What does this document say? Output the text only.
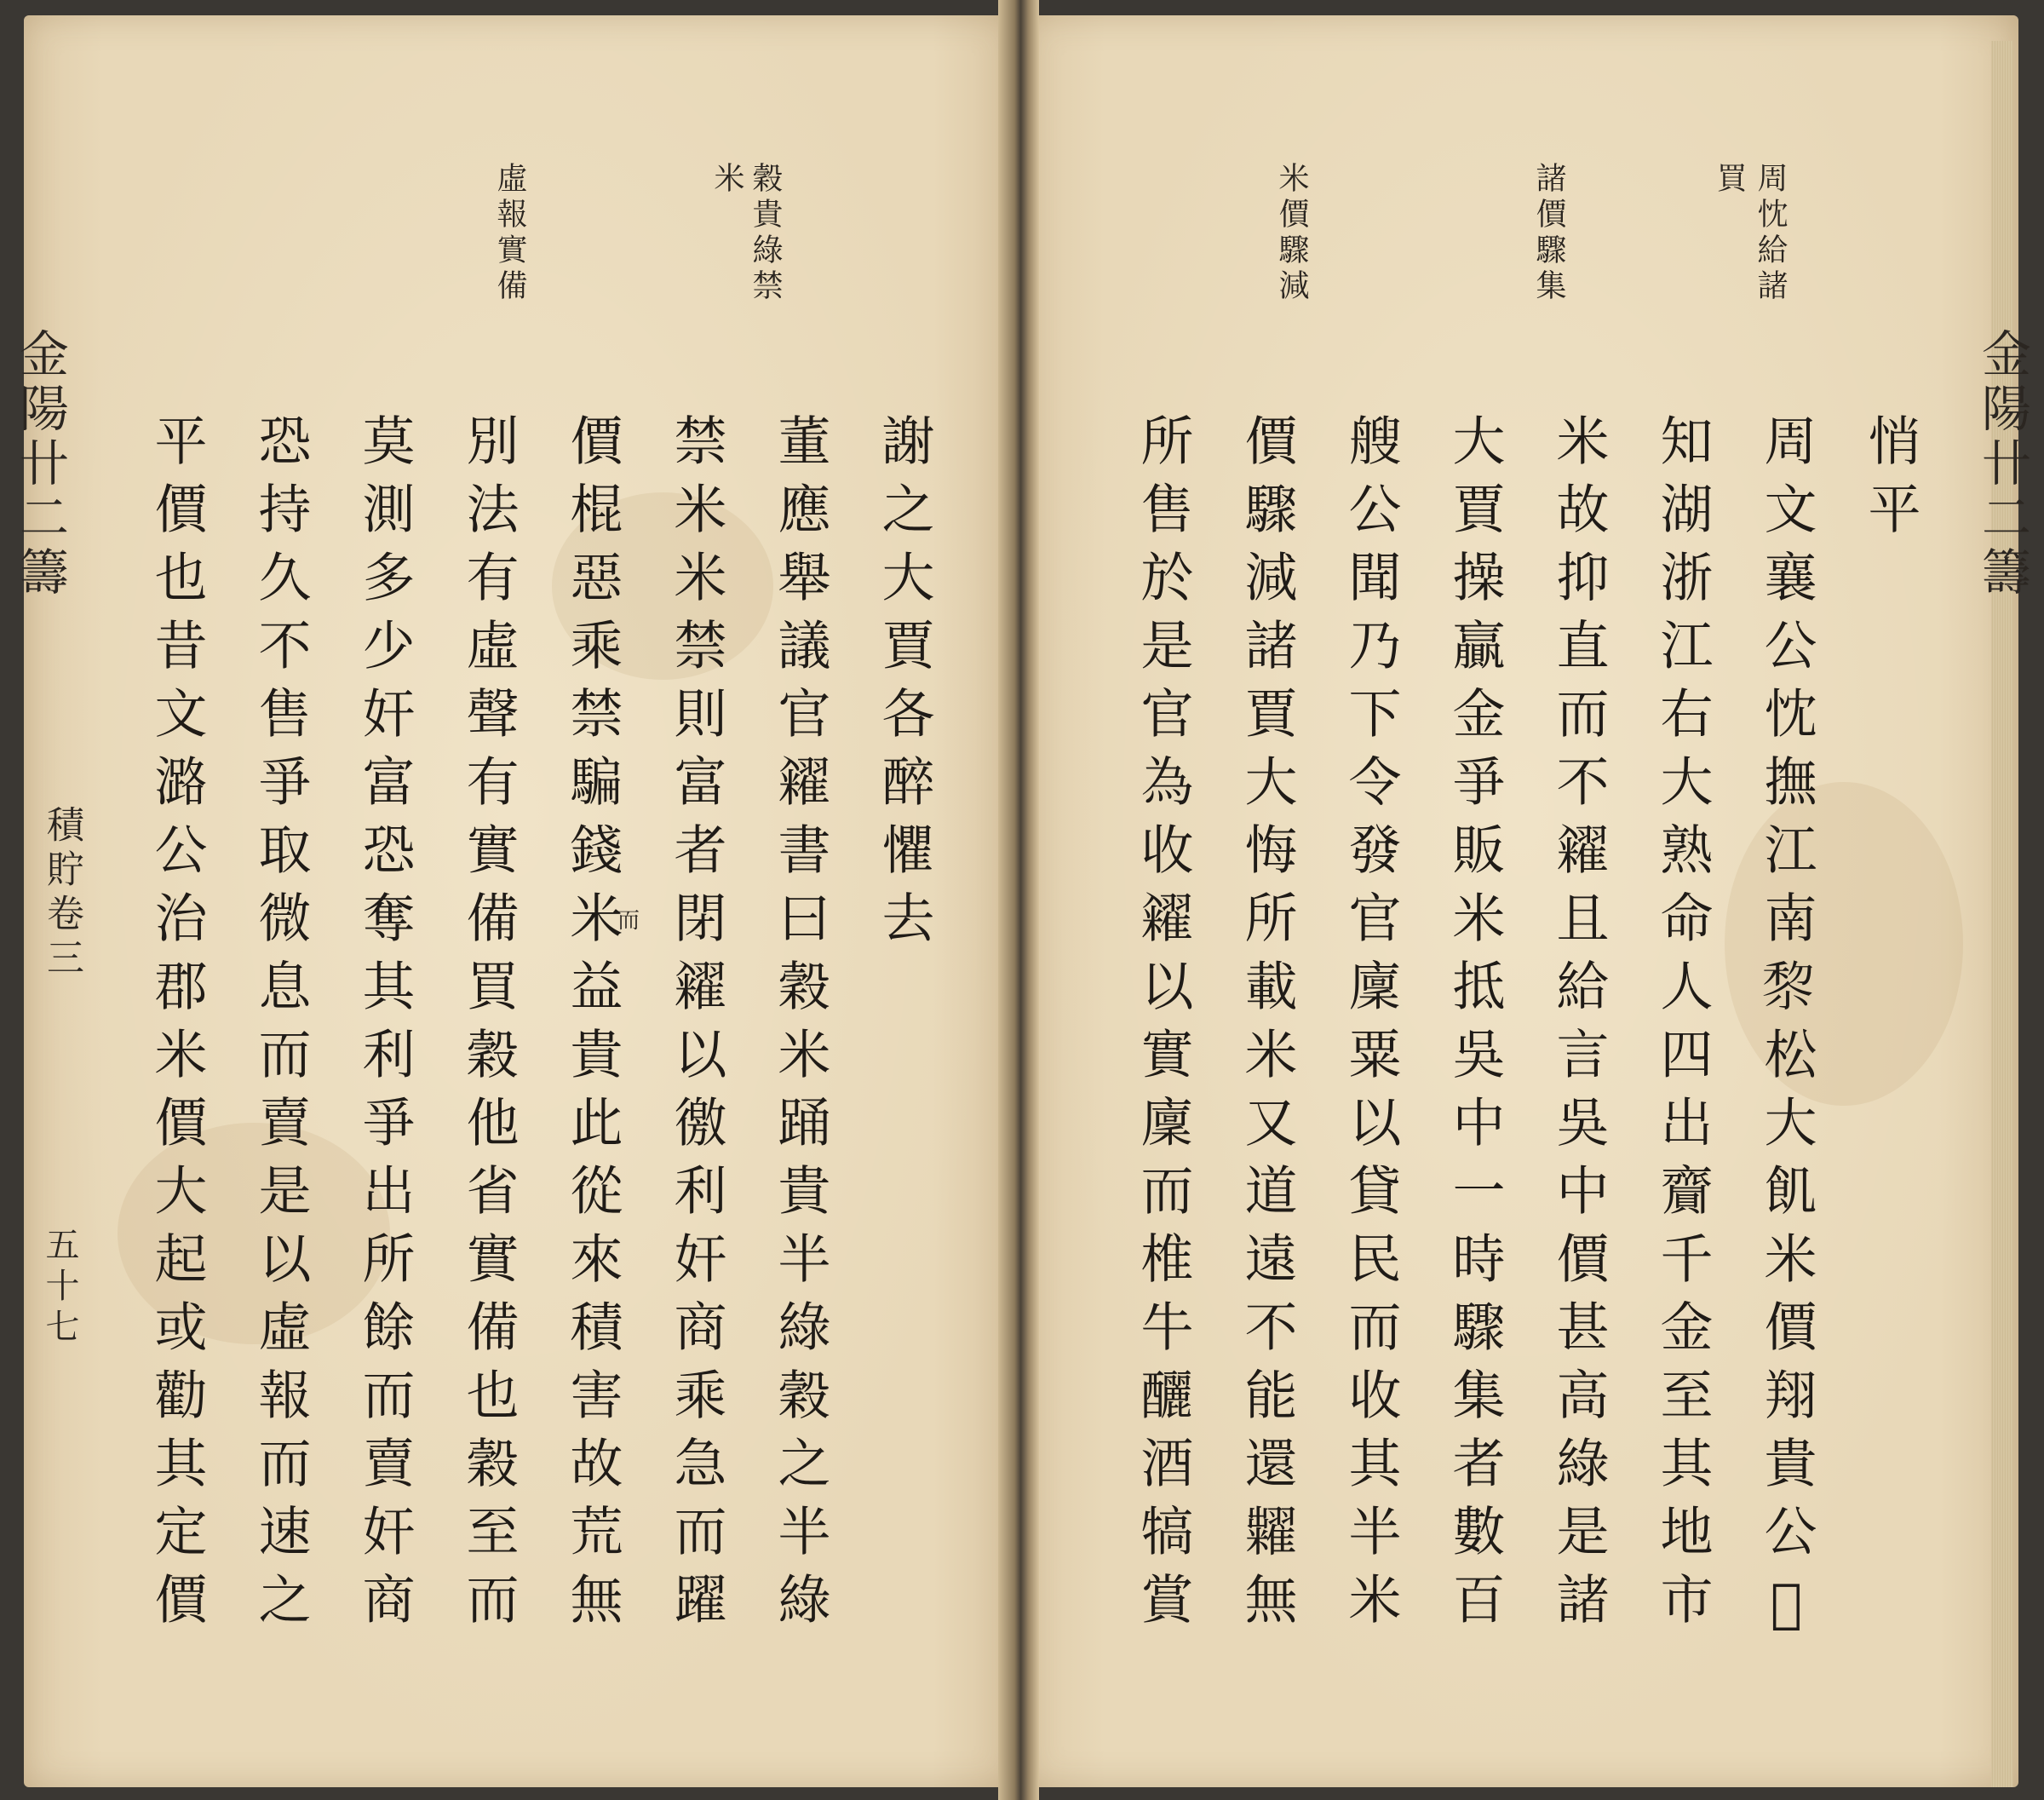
金陽卄二籌
積貯卷三
五十七
穀貴綠禁
米
虛報實備
謝之大賈各醉懼去
董應舉議官糴書曰穀米踊貴半綠穀之半綠
禁米米禁則富者閉糴以徼利奸商乘急而躍
價棍惡乘禁騙錢米益貴此從來積害故荒無
別法有虛聲有實備買穀他省實備也穀至而
莫測多少奸富恐奪其利爭出所餘而賣奸商
恐持久不售爭取微息而賣是以虛報而速之
平價也昔文潞公治郡米價大起或勸其定價	而
金陽卄二籌
周忱給諸
買
諸價驟集
米價驟減
悄平
周文襄公忱撫江南𥟖松大飢米價翔貴公𥠖
知湖浙江右大熟命人四出齎千金至其地市
米故抑直而不糴且給言吳中價甚高綠是諸
大賈操贏金爭販米抵吳中一時驟集者數百
艘公聞乃下令發官廩粟以貸民而收其半米
價驟減諸賈大悔所載米又道遠不能還糶無
所售於是官為收糴以實廩而椎牛釃酒犒賞
